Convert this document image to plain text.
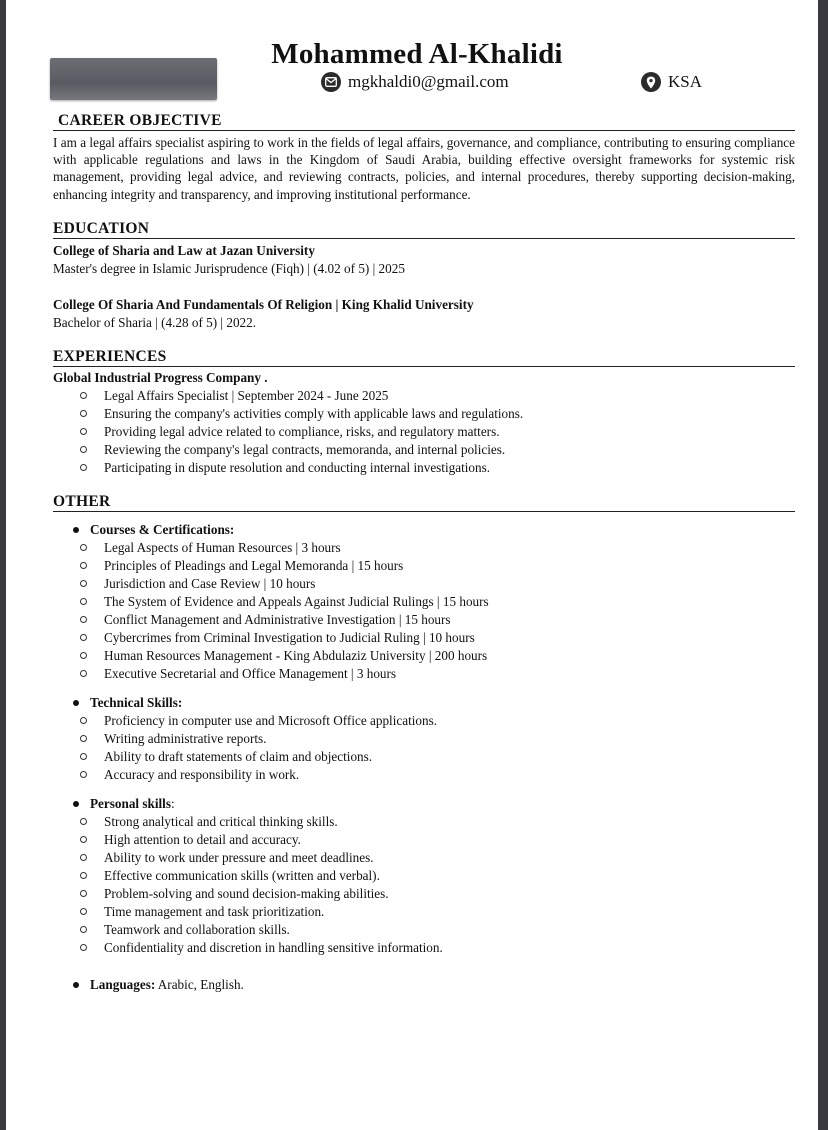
Mohammed Al-Khalidi
mgkhaldi0@gmail.com	KSA
CAREER OBJECTIVE
I am a legal affairs specialist aspiring to work in the fields of legal affairs, governance, and compliance, contributing to ensuring compliance with applicable regulations and laws in the Kingdom of Saudi Arabia, building effective oversight frameworks for systemic risk management, providing legal advice, and reviewing contracts, policies, and internal procedures, thereby supporting decision-making, enhancing integrity and transparency, and improving institutional performance.
EDUCATION
College of Sharia and Law at Jazan University
Master's degree in Islamic Jurisprudence (Fiqh) | (4.02 of 5) | 2025
College Of Sharia And Fundamentals Of Religion | King Khalid University
Bachelor of Sharia | (4.28 of 5) | 2022.
EXPERIENCES
Global Industrial Progress Company .
Legal Affairs Specialist | September 2024 - June 2025
Ensuring the company's activities comply with applicable laws and regulations.
Providing legal advice related to compliance, risks, and regulatory matters.
Reviewing the company's legal contracts, memoranda, and internal policies.
Participating in dispute resolution and conducting internal investigations.
OTHER
Courses & Certifications:
Legal Aspects of Human Resources | 3 hours
Principles of Pleadings and Legal Memoranda | 15 hours
Jurisdiction and Case Review | 10 hours
The System of Evidence and Appeals Against Judicial Rulings | 15 hours
Conflict Management and Administrative Investigation | 15 hours
Cybercrimes from Criminal Investigation to Judicial Ruling | 10 hours
Human Resources Management - King Abdulaziz University | 200 hours
Executive Secretarial and Office Management | 3 hours
Technical Skills:
Proficiency in computer use and Microsoft Office applications.
Writing administrative reports.
Ability to draft statements of claim and objections.
Accuracy and responsibility in work.
Personal skills:
Strong analytical and critical thinking skills.
High attention to detail and accuracy.
Ability to work under pressure and meet deadlines.
Effective communication skills (written and verbal).
Problem-solving and sound decision-making abilities.
Time management and task prioritization.
Teamwork and collaboration skills.
Confidentiality and discretion in handling sensitive information.
Languages: Arabic, English.
